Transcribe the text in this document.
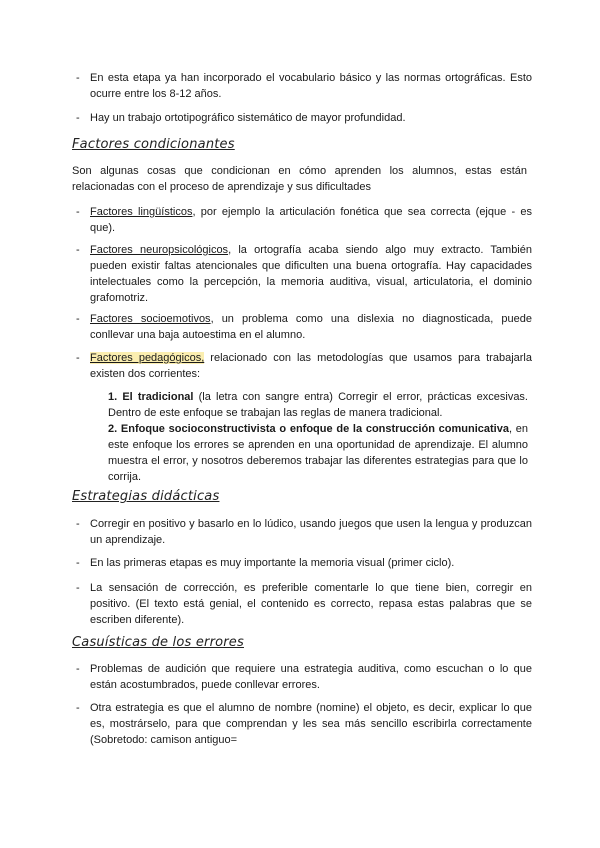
- En esta etapa ya han incorporado el vocabulario básico y las normas ortográficas. Esto ocurre entre los 8-12 años.
- Hay un trabajo ortotipográfico sistemático de mayor profundidad.
Factores condicionantes
Son algunas cosas que condicionan en cómo aprenden los alumnos, estas están relacionadas con el proceso de aprendizaje y sus dificultades
- Factores lingüísticos, por ejemplo la articulación fonética que sea correcta (ejque - es que).
- Factores neuropsicológicos, la ortografía acaba siendo algo muy extracto. También pueden existir faltas atencionales que dificulten una buena ortografía. Hay capacidades intelectuales como la percepción, la memoria auditiva, visual, articulatoria, el dominio grafomotriz.
- Factores socioemotivos, un problema como una dislexia no diagnosticada, puede conllevar una baja autoestima en el alumno.
- Factores pedagógicos, relacionado con las metodologías que usamos para trabajarla existen dos corrientes:
1. El tradicional (la letra con sangre entra) Corregir el error, prácticas excesivas. Dentro de este enfoque se trabajan las reglas de manera tradicional.
2. Enfoque socioconstructivista o enfoque de la construcción comunicativa, en este enfoque los errores se aprenden en una oportunidad de aprendizaje. El alumno muestra el error, y nosotros deberemos trabajar las diferentes estrategias para que lo corrija.
Estrategias didácticas
- Corregir en positivo y basarlo en lo lúdico, usando juegos que usen la lengua y produzcan un aprendizaje.
- En las primeras etapas es muy importante la memoria visual (primer ciclo).
- La sensación de corrección, es preferible comentarle lo que tiene bien, corregir en positivo. (El texto está genial, el contenido es correcto, repasa estas palabras que se escriben diferente).
Casuísticas de los errores
- Problemas de audición que requiere una estrategia auditiva, como escuchan o lo que están acostumbrados, puede conllevar errores.
- Otra estrategia es que el alumno de nombre (nomine) el objeto, es decir, explicar lo que es, mostrárselo, para que comprendan y les sea más sencillo escribirla correctamente (Sobretodo: camison antiguo=
